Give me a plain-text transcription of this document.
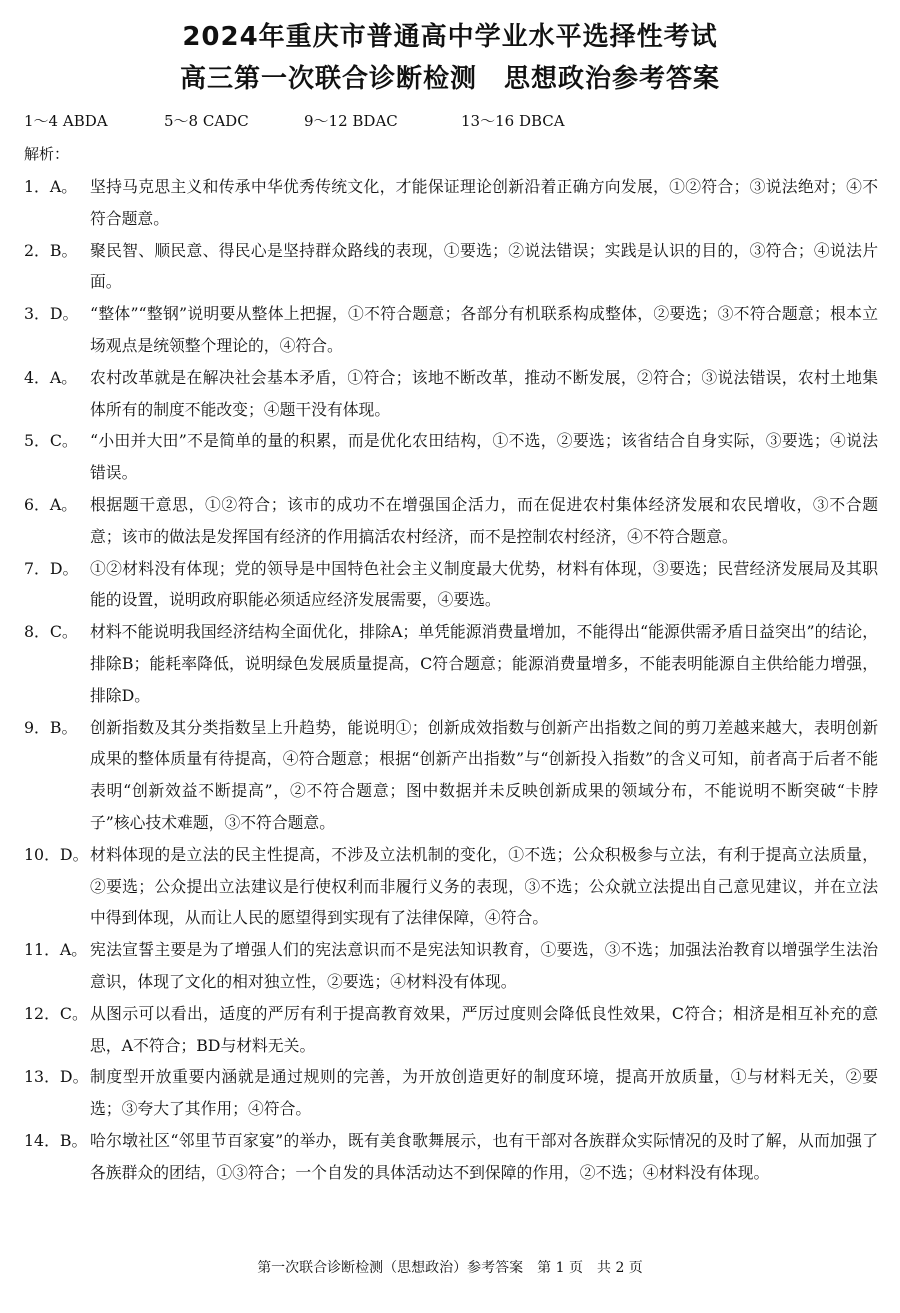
2024年重庆市普通高中学业水平选择性考试
高三第一次联合诊断检测　思想政治参考答案
1～4 ABDA	5～8 CADC	9～12 BDAC	13～16 DBCA
解析：
1．A。 坚持马克思主义和传承中华优秀传统文化，才能保证理论创新沿着正确方向发展，①②符合；③说法绝对；④不符合题意。
2．B。 聚民智、顺民意、得民心是坚持群众路线的表现，①要选；②说法错误；实践是认识的目的，③符合；④说法片面。
3．D。 “整体”“整钢”说明要从整体上把握，①不符合题意；各部分有机联系构成整体，②要选；③不符合题意；根本立场观点是统领整个理论的，④符合。
4．A。 农村改革就是在解决社会基本矛盾，①符合；该地不断改革，推动不断发展，②符合；③说法错误，农村土地集体所有的制度不能改变；④题干没有体现。
5．C。 “小田并大田”不是简单的量的积累，而是优化农田结构，①不选，②要选；该省结合自身实际，③要选；④说法错误。
6．A。 根据题干意思，①②符合；该市的成功不在增强国企活力，而在促进农村集体经济发展和农民增收，③不合题意；该市的做法是发挥国有经济的作用搞活农村经济，而不是控制农村经济，④不符合题意。
7．D。 ①②材料没有体现；党的领导是中国特色社会主义制度最大优势，材料有体现，③要选；民营经济发展局及其职能的设置，说明政府职能必须适应经济发展需要，④要选。
8．C。 材料不能说明我国经济结构全面优化，排除A；单凭能源消费量增加，不能得出“能源供需矛盾日益突出”的结论，排除B；能耗率降低，说明绿色发展质量提高，C符合题意；能源消费量增多，不能表明能源自主供给能力增强，排除D。
9．B。 创新指数及其分类指数呈上升趋势，能说明①；创新成效指数与创新产出指数之间的剪刀差越来越大，表明创新成果的整体质量有待提高，④符合题意；根据“创新产出指数”与“创新投入指数”的含义可知，前者高于后者不能表明“创新效益不断提高”，②不符合题意；图中数据并未反映创新成果的领域分布，不能说明不断突破“卡脖子”核心技术难题，③不符合题意。
10．D。 材料体现的是立法的民主性提高，不涉及立法机制的变化，①不选；公众积极参与立法，有利于提高立法质量，②要选；公众提出立法建议是行使权利而非履行义务的表现，③不选；公众就立法提出自己意见建议，并在立法中得到体现，从而让人民的愿望得到实现有了法律保障，④符合。
11．A。 宪法宣誓主要是为了增强人们的宪法意识而不是宪法知识教育，①要选，③不选；加强法治教育以增强学生法治意识，体现了文化的相对独立性，②要选；④材料没有体现。
12．C。 从图示可以看出，适度的严厉有利于提高教育效果，严厉过度则会降低良性效果，C符合；相济是相互补充的意思，A不符合；BD与材料无关。
13．D。 制度型开放重要内涵就是通过规则的完善，为开放创造更好的制度环境，提高开放质量，①与材料无关，②要选；③夸大了其作用；④符合。
14．B。 哈尔墩社区“邻里节百家宴”的举办，既有美食歌舞展示，也有干部对各族群众实际情况的及时了解，从而加强了各族群众的团结，①③符合；一个自发的具体活动达不到保障的作用，②不选；④材料没有体现。
第一次联合诊断检测（思想政治）参考答案　第 1 页　共 2 页
